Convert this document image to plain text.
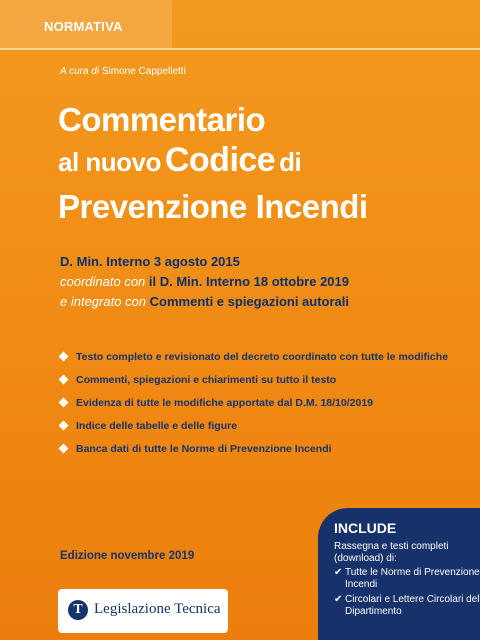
NORMATIVA
A cura di Simone Cappelletti
Commentario
al nuovo Codice di
Prevenzione Incendi
D. Min. Interno 3 agosto 2015
coordinato con il D. Min. Interno 18 ottobre 2019
e integrato con Commenti e spiegazioni autorali
Testo completo e revisionato del decreto coordinato con tutte le modifiche
Commenti, spiegazioni e chiarimenti su tutto il testo
Evidenza di tutte le modifiche apportate dal D.M. 18/10/2019
Indice delle tabelle e delle figure
Banca dati di tutte le Norme di Prevenzione Incendi
Edizione novembre 2019
T Legislazione Tecnica
INCLUDE
Rassegna e testi completi (download) di:
✔ Tutte le Norme di Prevenzione Incendi
✔ Circolari e Lettere Circolari del Dipartimento
